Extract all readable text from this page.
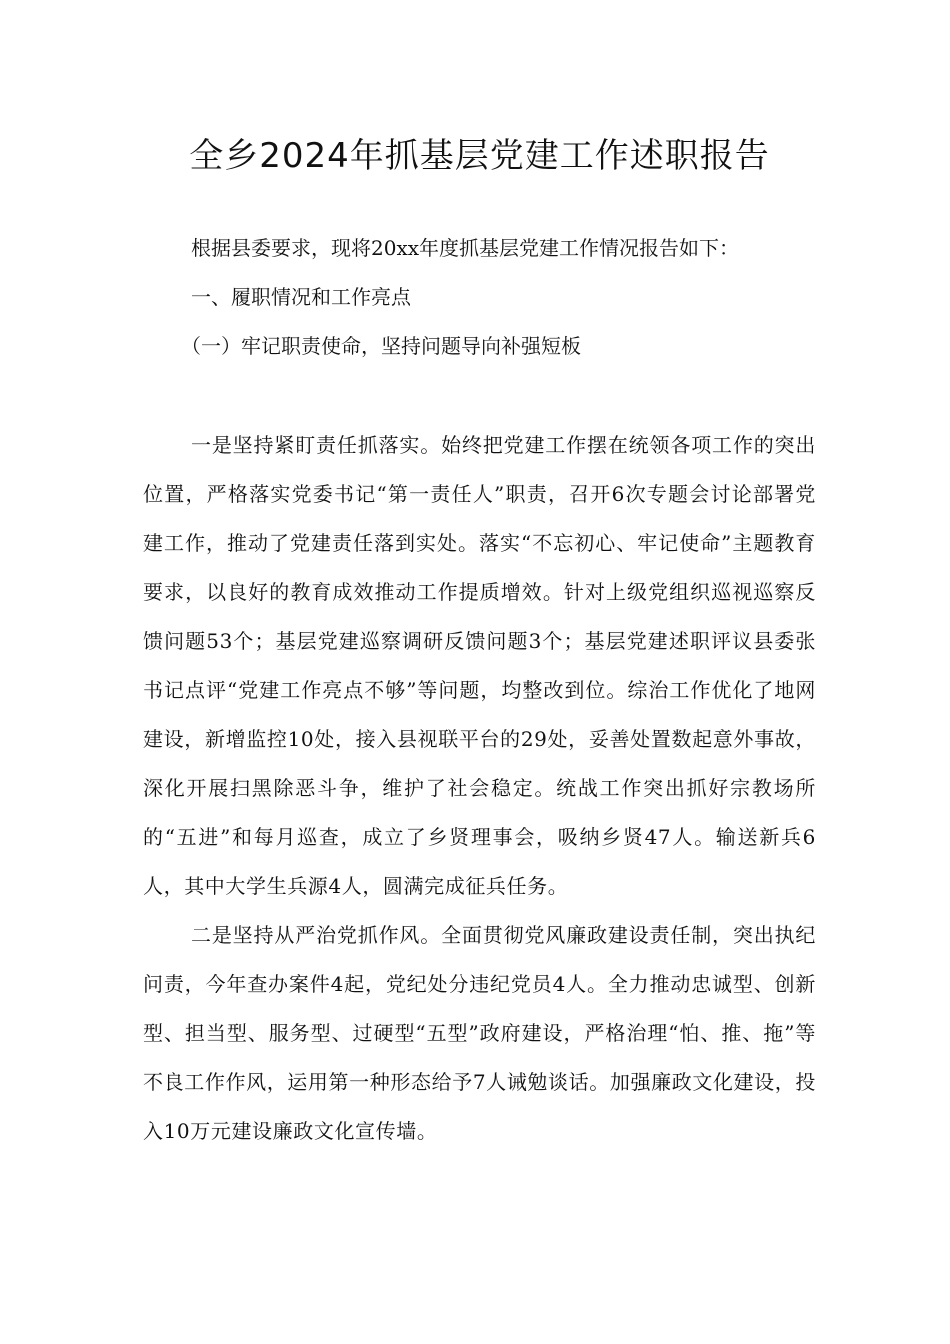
全乡2024年抓基层党建工作述职报告

根据县委要求，现将20xx年度抓基层党建工作情况报告如下：

一、履职情况和工作亮点

（一）牢记职责使命，坚持问题导向补强短板

一是坚持紧盯责任抓落实。始终把党建工作摆在统领各项工作的突出位置，严格落实党委书记“第一责任人”职责，召开6次专题会讨论部署党建工作，推动了党建责任落到实处。落实“不忘初心、牢记使命”主题教育要求，以良好的教育成效推动工作提质增效。针对上级党组织巡视巡察反馈问题53个；基层党建巡察调研反馈问题3个；基层党建述职评议县委张书记点评“党建工作亮点不够”等问题，均整改到位。综治工作优化了地网建设，新增监控10处，接入县视联平台的29处，妥善处置数起意外事故，深化开展扫黑除恶斗争，维护了社会稳定。统战工作突出抓好宗教场所的“五进”和每月巡查，成立了乡贤理事会，吸纳乡贤47人。输送新兵6人，其中大学生兵源4人，圆满完成征兵任务。

二是坚持从严治党抓作风。全面贯彻党风廉政建设责任制，突出执纪问责，今年查办案件4起，党纪处分违纪党员4人。全力推动忠诚型、创新型、担当型、服务型、过硬型“五型”政府建设，严格治理“怕、推、拖”等不良工作作风，运用第一种形态给予7人诫勉谈话。加强廉政文化建设，投入10万元建设廉政文化宣传墙。
